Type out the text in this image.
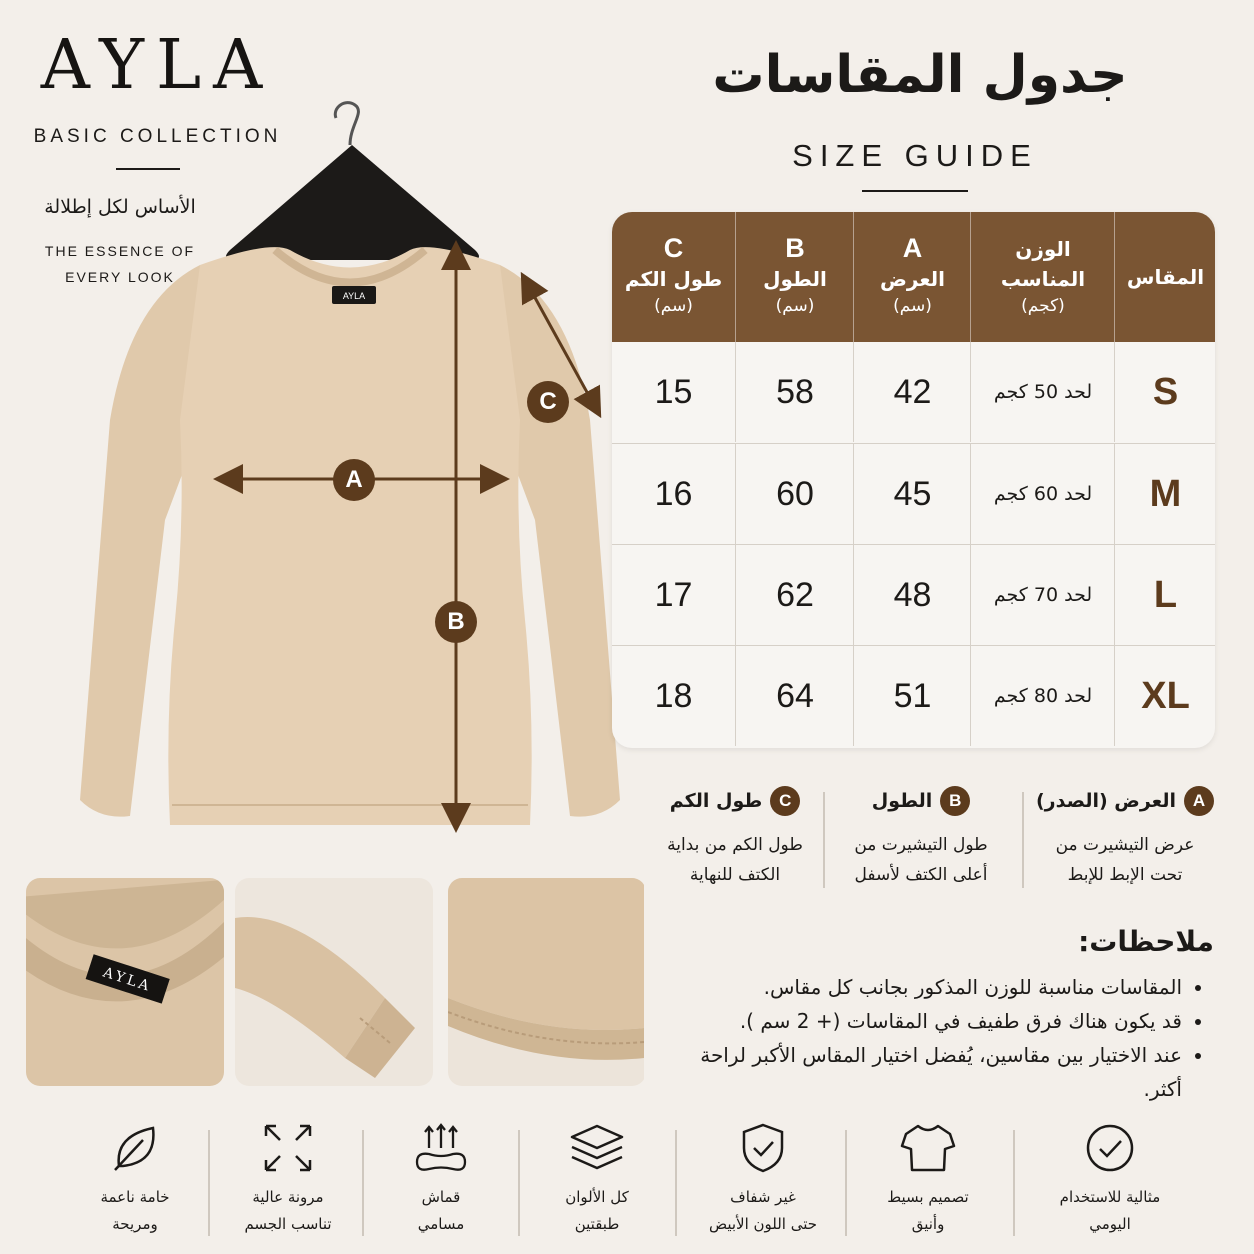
AYLA
BASIC COLLECTION
الأساس لكل إطلالة
THE ESSENCE OF
EVERY LOOK
AYLA
A
B
C
جدول المقاسات
SIZE GUIDE
C
طول الكم
(سم)
B
الطول
(سم)
A
العرض
(سم)
الوزن المناسب
(كجم)
المقاس
15	58	42	لحد 50 كجم	S
16	60	45	لحد 60 كجم	M
17	62	48	لحد 70 كجم	L
18	64	51	لحد 80 كجم	XL
A
العرض (الصدر)
عرض التيشيرت من
تحت الإبط للإبط
B
الطول
طول التيشيرت من
أعلى الكتف لأسفل
C
طول الكم
طول الكم من بداية
الكتف للنهاية
ملاحظات:
• المقاسات مناسبة للوزن المذكور بجانب كل مقاس.
• قد يكون هناك فرق طفيف في المقاسات (+ 2 سم ).
• عند الاختيار بين مقاسين، يُفضل اختيار المقاس الأكبر لراحة أكثر.
AYLA
مثالية للاستخدام
اليومي
تصميم بسيط
وأنيق
غير شفاف
حتى اللون الأبيض
كل الألوان
طبقتين
قماش
مسامي
مرونة عالية
تناسب الجسم
خامة ناعمة
ومريحة
